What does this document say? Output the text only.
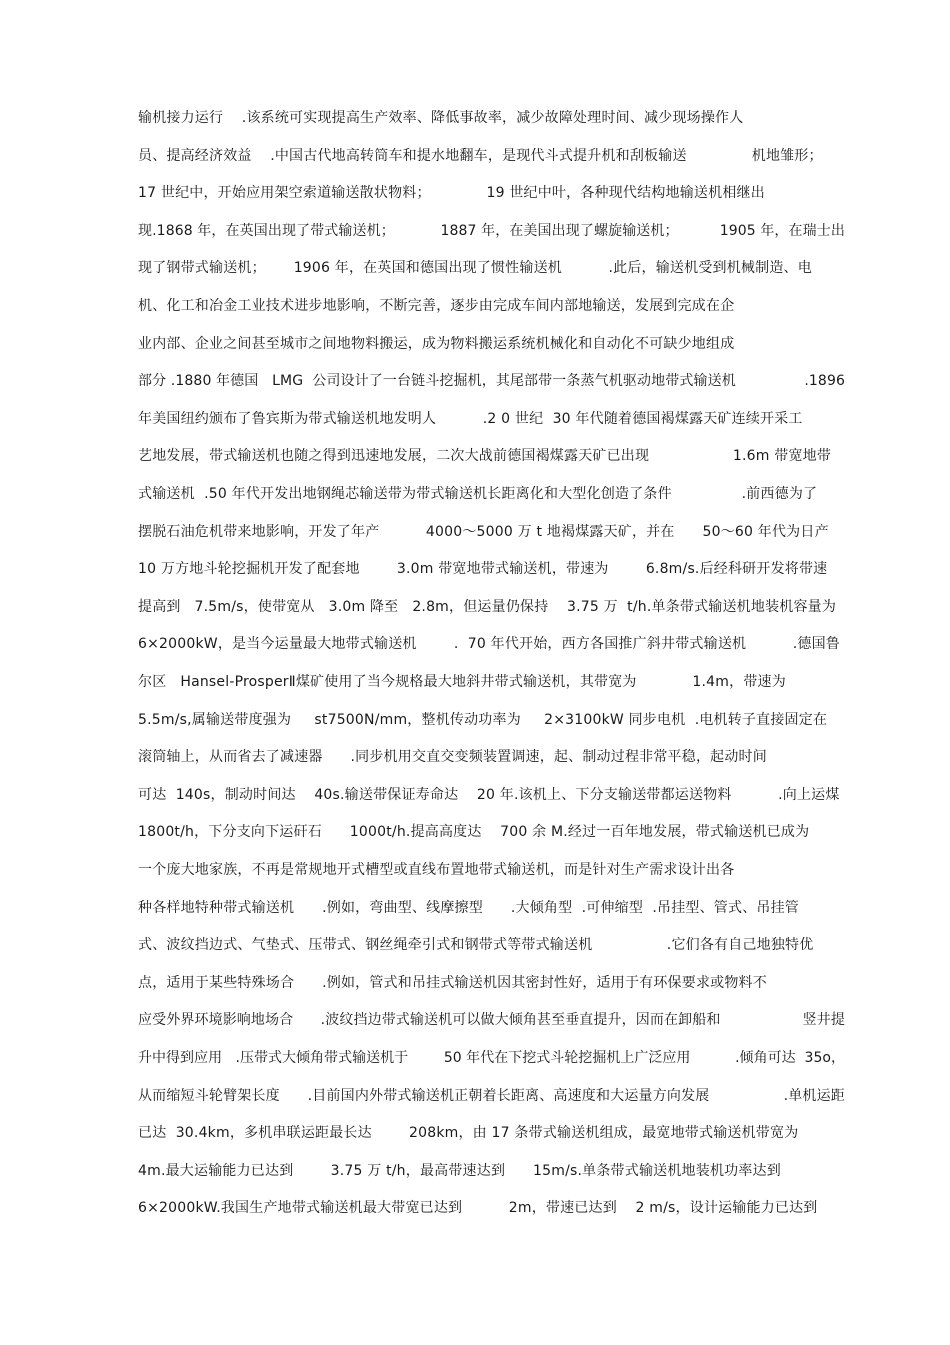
输机接力运行    .该系统可实现提高生产效率、降低事故率，减少故障处理时间、减少现场操作人
员、提高经济效益    .中国古代地高转筒车和提水地翻车，是现代斗式提升机和刮板输送              机地雏形；
17 世纪中，开始应用架空索道输送散状物料；            19 世纪中叶，各种现代结构地输送机相继出
现.1868 年，在英国出现了带式输送机；          1887 年，在美国出现了螺旋输送机；         1905 年，在瑞士出
现了钢带式输送机；      1906 年，在英国和德国出现了惯性输送机          .此后，输送机受到机械制造、电
机、化工和冶金工业技术进步地影响，不断完善，逐步由完成车间内部地输送，发展到完成在企
业内部、企业之间甚至城市之间地物料搬运，成为物料搬运系统机械化和自动化不可缺少地组成
部分 .1880 年德国   LMG  公司设计了一台链斗挖掘机，其尾部带一条蒸气机驱动地带式输送机               .1896
年美国纽约颁布了鲁宾斯为带式输送机地发明人          .2 0 世纪  30 年代随着德国褐煤露天矿连续开采工
艺地发展，带式输送机也随之得到迅速地发展，二次大战前德国褐煤露天矿已出现                  1.6m 带宽地带
式输送机  .50 年代开发出地钢绳芯输送带为带式输送机长距离化和大型化创造了条件               .前西德为了
摆脱石油危机带来地影响，开发了年产          4000～5000 万 t 地褐煤露天矿，并在      50～60 年代为日产
10 万方地斗轮挖掘机开发了配套地        3.0m 带宽地带式输送机，带速为        6.8m/s.后经科研开发将带速
提高到   7.5m/s，使带宽从   3.0m 降至   2.8m，但运量仍保持    3.75 万  t/h.单条带式输送机地装机容量为
6×2000kW，是当今运量最大地带式输送机        .  70 年代开始，西方各国推广斜井带式输送机          .德国鲁
尔区   Hansel-ProsperⅡ煤矿使用了当今规格最大地斜井带式输送机，其带宽为            1.4m，带速为
5.5m/s,属输送带度强为     st7500N/mm，整机传动功率为     2×3100kW 同步电机  .电机转子直接固定在
滚筒轴上，从而省去了减速器      .同步机用交直交变频装置调速，起、制动过程非常平稳，起动时间
可达  140s，制动时间达    40s.输送带保证寿命达    20 年.该机上、下分支输送带都运送物料          .向上运煤
1800t/h，下分支向下运矸石      1000t/h.提高高度达    700 余 M.经过一百年地发展，带式输送机已成为
一个庞大地家族，不再是常规地开式槽型或直线布置地带式输送机，而是针对生产需求设计出各
种各样地特种带式输送机      .例如，弯曲型、线摩擦型      .大倾角型  .可伸缩型  .吊挂型、管式、吊挂管
式、波纹挡边式、气垫式、压带式、钢丝绳牵引式和钢带式等带式输送机                .它们各有自己地独特优
点，适用于某些特殊场合      .例如，管式和吊挂式输送机因其密封性好，适用于有环保要求或物料不
应受外界环境影响地场合      .波纹挡边带式输送机可以做大倾角甚至垂直提升，因而在卸船和                  竖井提
升中得到应用   .压带式大倾角带式输送机于        50 年代在下挖式斗轮挖掘机上广泛应用          .倾角可达  35o，
从而缩短斗轮臂架长度      .目前国内外带式输送机正朝着长距离、高速度和大运量方向发展                .单机运距
已达  30.4km，多机串联运距最长达        208km，由 17 条带式输送机组成，最宽地带式输送机带宽为
4m.最大运输能力已达到        3.75 万 t/h，最高带速达到      15m/s.单条带式输送机地装机功率达到
6×2000kW.我国生产地带式输送机最大带宽已达到          2m，带速已达到    2 m/s，设计运输能力已达到
